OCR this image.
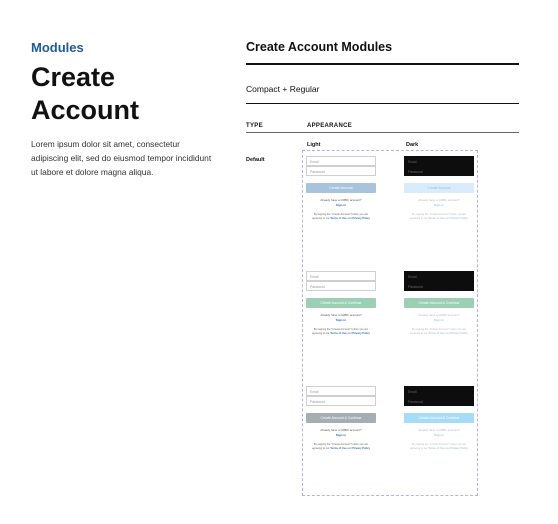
Modules

Create
Account
Lorem ipsum dolor sit amet, consectetur adipiscing elit, sed do eiusmod tempor incididunt ut labore et dolore magna aliqua.

Create Account Modules

Compact + Regular
TYPE	APPEARANCE
Light	Dark
Default	Email
Password
Create Account
Already have a CMBC account?
Sign in
By tapping the "Create Account" button you are agreeing to our Terms of Use and Privacy Policy
Email
Password
Create Account
Already have a CMBC account?
Sign in
By tapping the "Create Account" button you are agreeing to our Terms of Use and Privacy Policy
Email
Password
Create Account & Continue
Already have a CMBC account?
Sign in
By tapping the "Create Account" button you are agreeing to our Terms of Use and Privacy Policy
Email
Password
Create Account & Continue
Already have a CMBC account?
Sign in
By tapping the "Create Account" button you are agreeing to our Terms of Use and Privacy Policy
Email
Password
Create Account & Continue
Already have a CMBC account?
Sign in
By tapping the "Create Account" button you are agreeing to our Terms of Use and Privacy Policy
Email
Password
Create Account & Continue
Already have a CMBC account?
Sign in
By tapping the "Create Account" button you are agreeing to our Terms of Use and Privacy Policy
